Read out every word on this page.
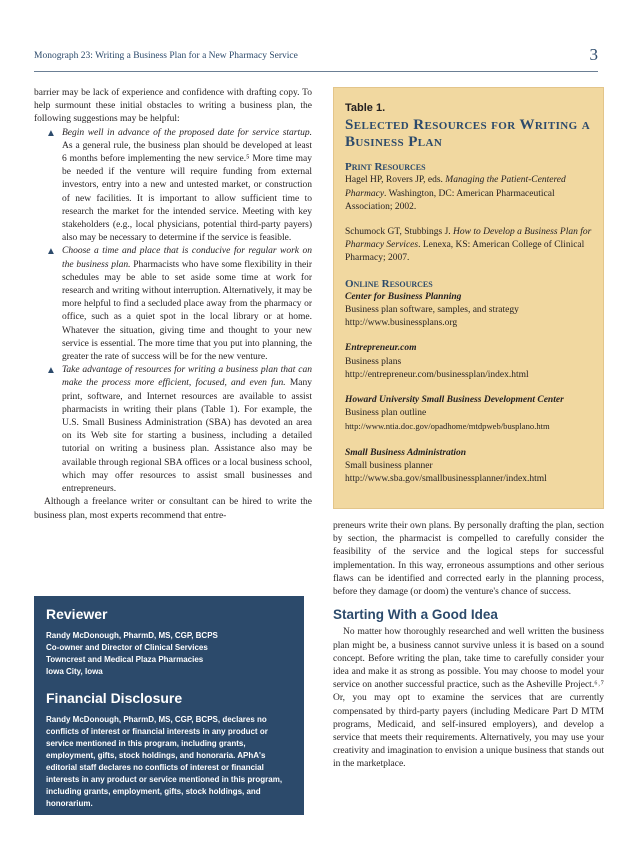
Monograph 23: Writing a Business Plan for a New Pharmacy Service	3

barrier may be lack of experience and confidence with drafting copy. To help surmount these initial obstacles to writing a business plan, the following suggestions may be helpful:

▲ Begin well in advance of the proposed date for service startup. As a general rule, the business plan should be developed at least 6 months before implementing the new service.⁵ More time may be needed if the venture will require funding from external investors, entry into a new and untested market, or construction of new facilities. It is important to allow sufficient time to research the market for the intended service. Meeting with key stakeholders (e.g., local physicians, potential third-party payers) also may be necessary to determine if the service is feasible.
▲ Choose a time and place that is conducive for regular work on the business plan. Pharmacists who have some flexibility in their schedules may be able to set aside some time at work for research and writing without interruption. Alternatively, it may be more helpful to find a secluded place away from the pharmacy or office, such as a quiet spot in the local library or at home. Whatever the situation, giving time and thought to your new service is essential. The more time that you put into planning, the greater the rate of success will be for the new venture.
▲ Take advantage of resources for writing a business plan that can make the process more efficient, focused, and even fun. Many print, software, and Internet resources are available to assist pharmacists in writing their plans (Table 1). For example, the U.S. Small Business Administration (SBA) has devoted an area on its Web site for starting a business, including a detailed tutorial on writing a business plan. Assistance also may be available through regional SBA offices or a local business school, which may offer resources to assist small businesses and entrepreneurs.

Although a freelance writer or consultant can be hired to write the business plan, most experts recommend that entre-

Table 1.
Selected Resources for Writing a Business Plan
Print Resources
Hagel HP, Rovers JP, eds. Managing the Patient-Centered Pharmacy. Washington, DC: American Pharmaceutical Association; 2002.
Schumock GT, Stubbings J. How to Develop a Business Plan for Pharmacy Services. Lenexa, KS: American College of Clinical Pharmacy; 2007.
Online Resources
Center for Business Planning
Business plan software, samples, and strategy
http://www.businessplans.org
Entrepreneur.com
Business plans
http://entrepreneur.com/businessplan/index.html
Howard University Small Business Development Center
Business plan outline
http://www.ntia.doc.gov/opadhome/mtdpweb/busplano.htm
Small Business Administration
Small business planner
http://www.sba.gov/smallbusinessplanner/index.html

preneurs write their own plans. By personally drafting the plan, section by section, the pharmacist is compelled to carefully consider the feasibility of the service and the logical steps for successful implementation. In this way, erroneous assumptions and other serious flaws can be identified and corrected early in the planning process, before they damage (or doom) the venture's chance of success.

Starting With a Good Idea

No matter how thoroughly researched and well written the business plan might be, a business cannot survive unless it is based on a sound concept. Before writing the plan, take time to carefully consider your idea and make it as strong as possible. You may choose to model your service on another successful practice, such as the Asheville Project.⁶˒⁷ Or, you may opt to examine the services that are currently compensated by third-party payers (including Medicare Part D MTM programs, Medicaid, and self-insured employers), and develop a service that meets their requirements. Alternatively, you may use your creativity and imagination to envision a unique business that stands out in the marketplace.

Reviewer
Randy McDonough, PharmD, MS, CGP, BCPS
Co-owner and Director of Clinical Services
Towncrest and Medical Plaza Pharmacies
Iowa City, Iowa
Financial Disclosure
Randy McDonough, PharmD, MS, CGP, BCPS, declares no conflicts of interest or financial interests in any product or service mentioned in this program, including grants, employment, gifts, stock holdings, and honoraria. APhA's editorial staff declares no conflicts of interest or financial interests in any product or service mentioned in this program, including grants, employment, gifts, stock holdings, and honorarium.
